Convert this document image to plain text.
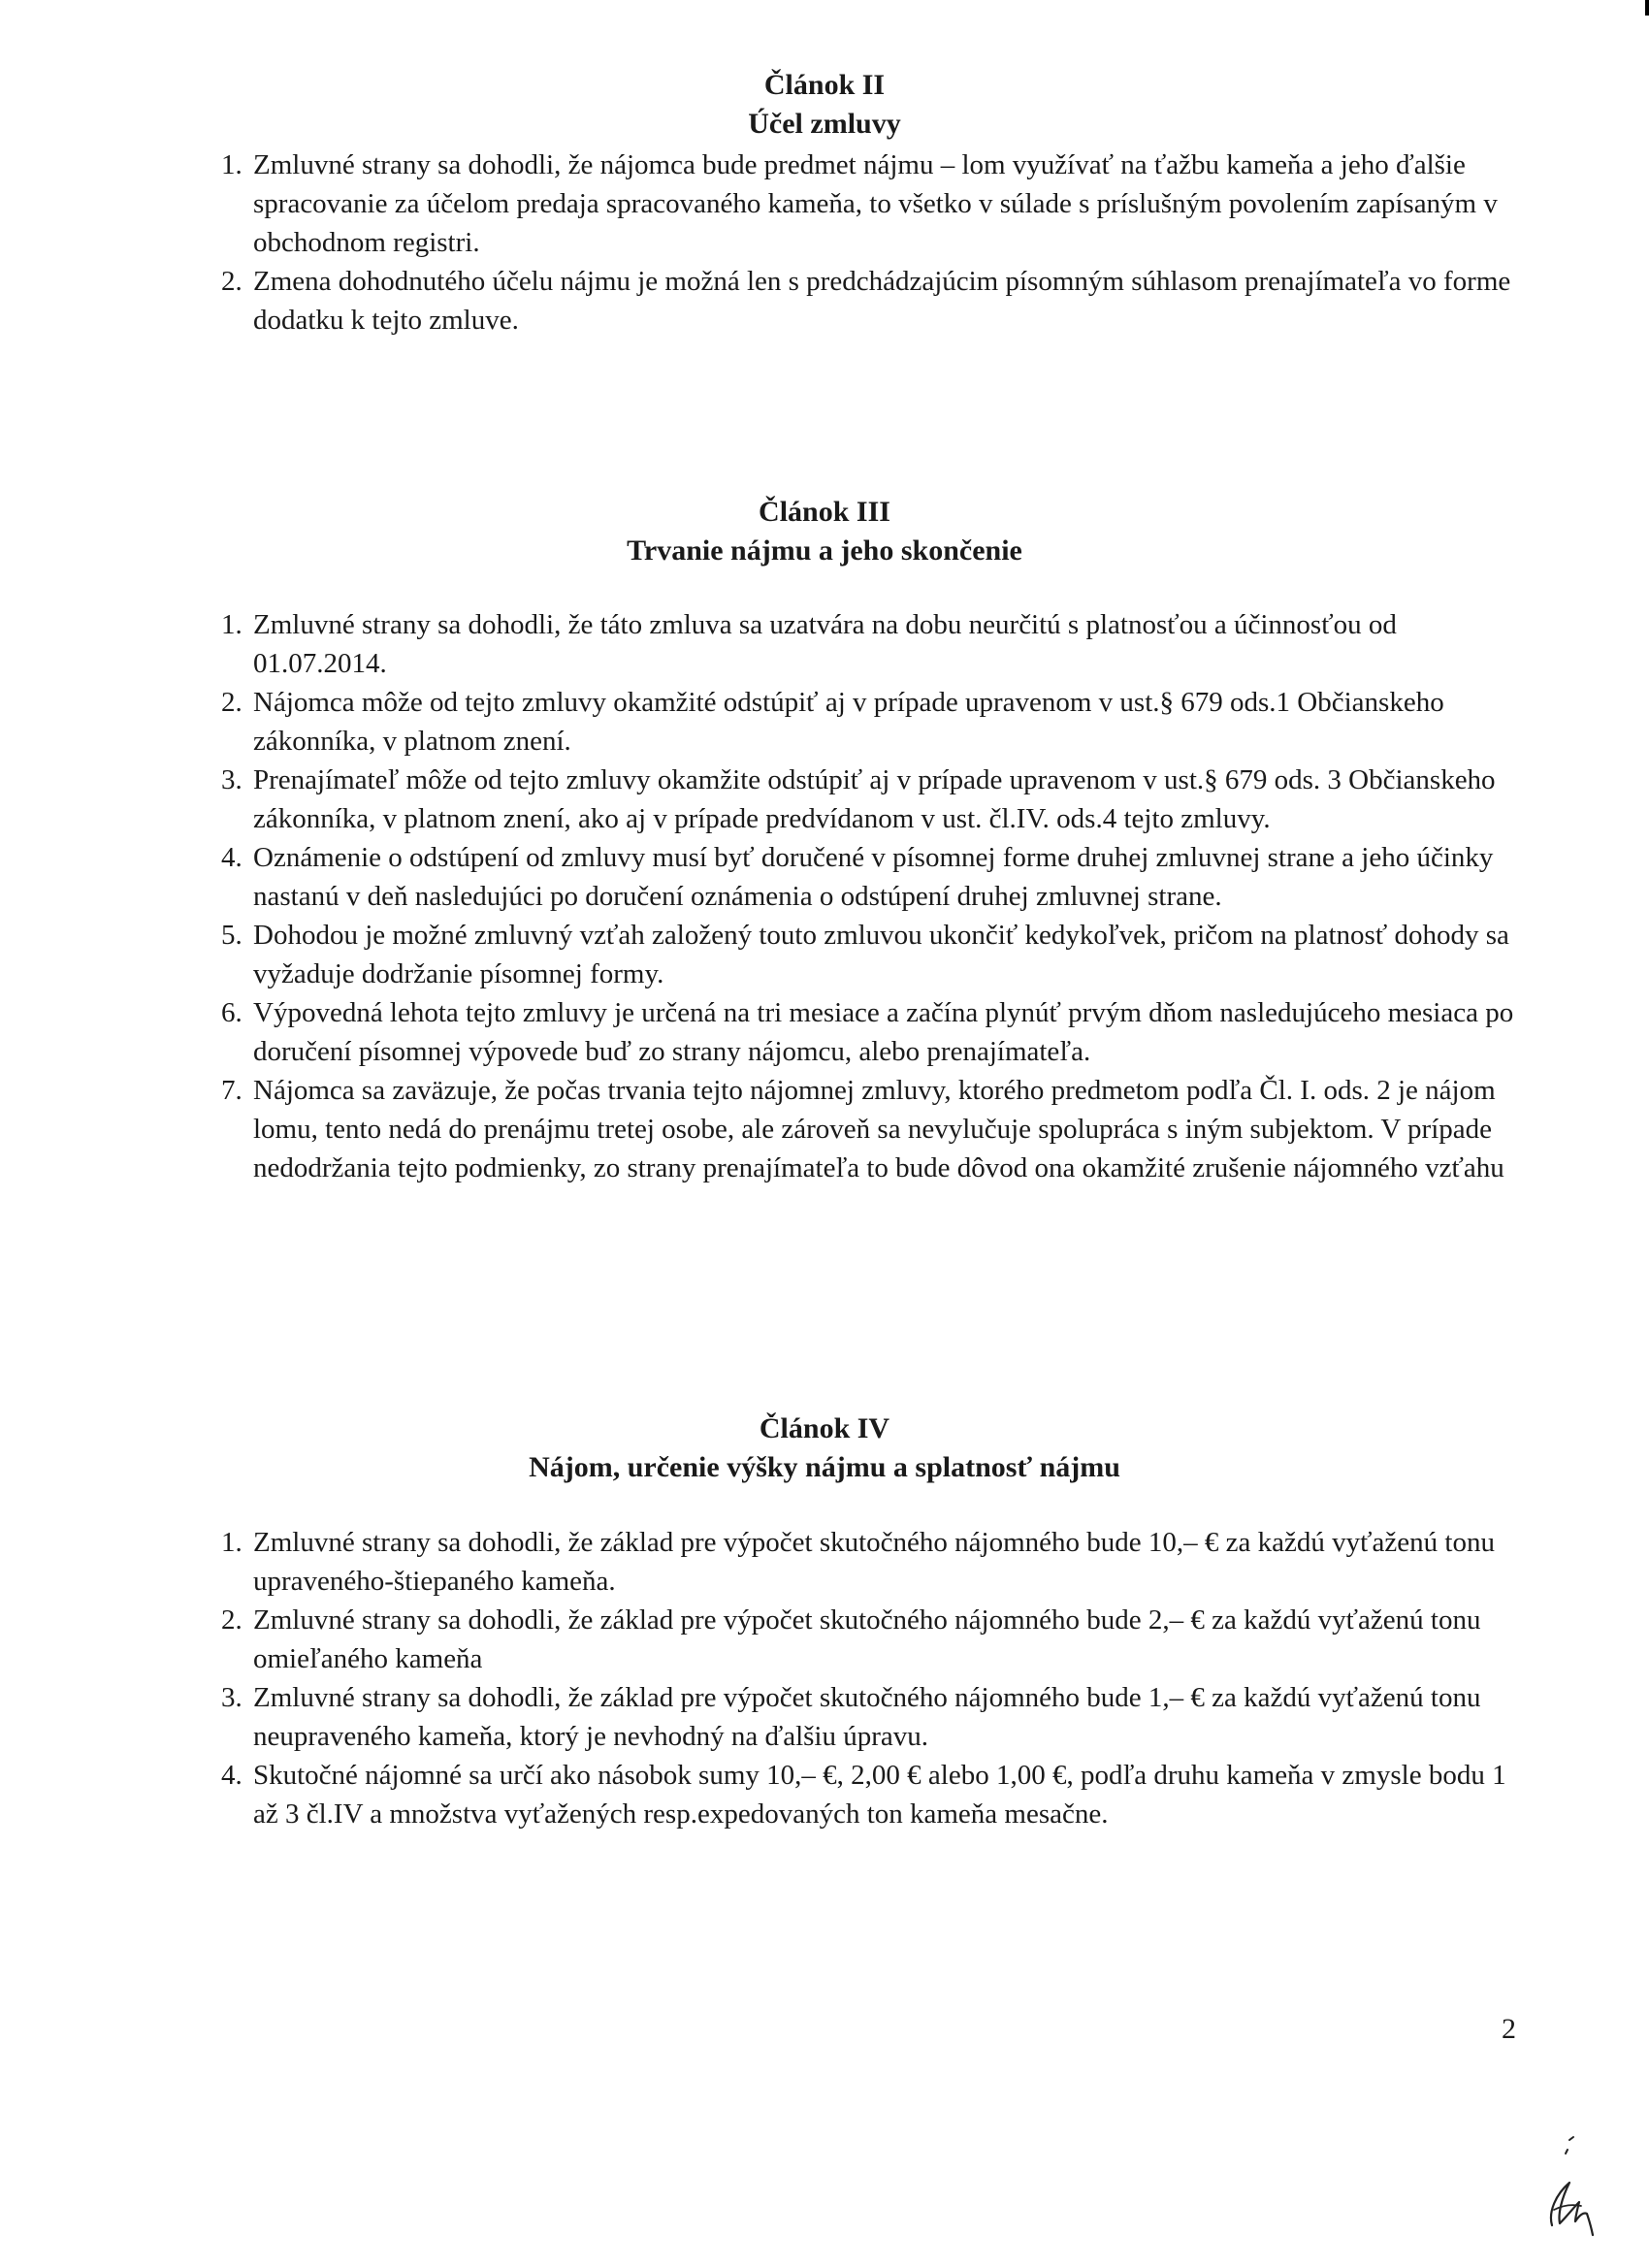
Článok II
Účel zmluvy
1. Zmluvné strany sa dohodli, že nájomca bude predmet nájmu – lom využívať na ťažbu kameňa a jeho ďalšie spracovanie za účelom predaja spracovaného kameňa, to všetko v súlade s príslušným povolením zapísaným v obchodnom registri.
2. Zmena dohodnutého účelu nájmu je možná len s predchádzajúcim písomným súhlasom prenajímateľa vo forme dodatku k tejto zmluve.
Článok III
Trvanie nájmu a jeho skončenie
1. Zmluvné strany sa dohodli, že táto zmluva sa uzatvára na dobu neurčitú s platnosťou a účinnosťou od 01.07.2014.
2. Nájomca môže od tejto zmluvy okamžité odstúpiť aj v prípade upravenom v ust.§ 679 ods.1 Občianskeho zákonníka, v platnom znení.
3. Prenajímateľ môže od tejto zmluvy okamžite odstúpiť aj v prípade upravenom v ust.§ 679 ods. 3 Občianskeho zákonníka, v platnom znení, ako aj v prípade predvídanom v ust. čl.IV. ods.4 tejto zmluvy.
4. Oznámenie o odstúpení od zmluvy musí byť doručené v písomnej forme druhej zmluvnej strane a jeho účinky nastanú v deň nasledujúci po doručení oznámenia o odstúpení druhej zmluvnej strane.
5. Dohodou je možné zmluvný vzťah založený touto zmluvou ukončiť kedykoľvek, pričom na platnosť dohody sa vyžaduje dodržanie písomnej formy.
6. Výpovedná lehota tejto zmluvy je určená na tri mesiace a začína plynúť prvým dňom nasledujúceho mesiaca po doručení písomnej výpovede buď zo strany nájomcu, alebo prenajímateľa.
7. Nájomca sa zaväzuje, že počas trvania tejto nájomnej zmluvy, ktorého predmetom podľa Čl. I. ods. 2 je nájom lomu, tento nedá do prenájmu tretej osobe, ale zároveň sa nevylučuje spolupráca s iným subjektom. V prípade nedodržania tejto podmienky, zo strany prenajímateľa to bude dôvod ona okamžité zrušenie nájomného vzťahu
Článok IV
Nájom, určenie výšky nájmu a splatnosť nájmu
1. Zmluvné strany sa dohodli, že základ pre výpočet skutočného nájomného bude 10,– € za každú vyťaženú tonu upraveného-štiepaného kameňa.
2. Zmluvné strany sa dohodli, že základ pre výpočet skutočného nájomného bude 2,– € za každú vyťaženú tonu omieľaného kameňa
3. Zmluvné strany sa dohodli, že základ pre výpočet skutočného nájomného bude 1,– € za každú vyťaženú tonu neupraveného kameňa, ktorý je nevhodný na ďalšiu úpravu.
4. Skutočné nájomné sa určí ako násobok sumy 10,– €, 2,00 € alebo 1,00 €, podľa druhu kameňa v zmysle bodu 1 až 3 čl.IV a množstva vyťažených resp.expedovaných ton kameňa mesačne.
2
